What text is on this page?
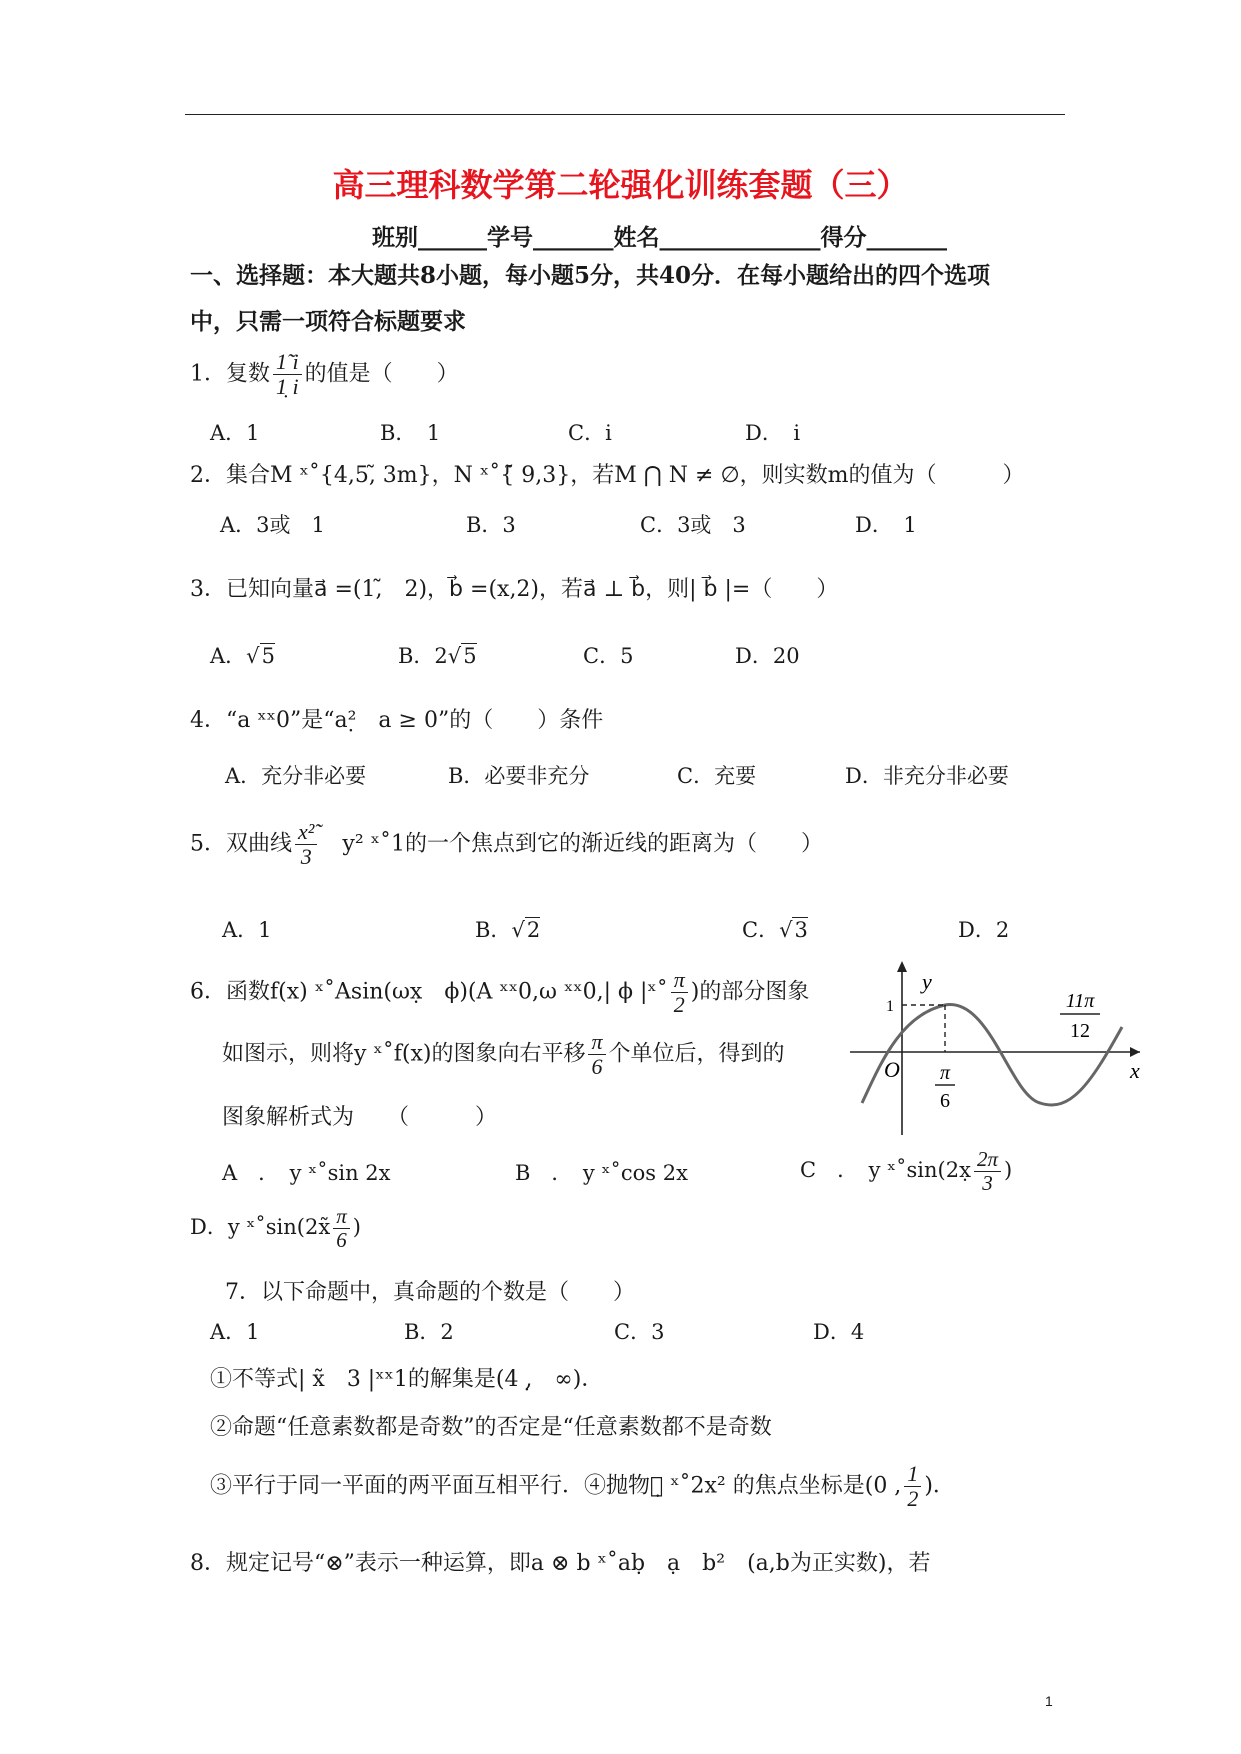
高三理科数学第二轮强化训练套题（三）
班别______学号_______姓名______________得分_______
一、选择题：本大题共8小题，每小题5分，共40分．在每小题给出的四个选项
中，只需一项符合标题要求
1．复数 $\frac{1̃ i}{1̣ i}$ 的值是（　　）
A．1	B．　1	C．i	D．　i
2．集合M ˣ˚{4,5,̃ 3m}，N ˣ˚{̃ 9,3}，若M ⋂ N ≠ ∅，则实数m的值为（　　　）
A．3或　1	B．3	C．3或　3	D．　1
3．已知向量a⃗ =(1,̃　2)，b⃗ =(x,2)，若a⃗ ⊥ b⃗，则| b⃗ |=（　　）
A．√5	B．2√5	C．5	D．20
4．“a ˣˣ0”是“a²̣　a ≥ 0”的（　　）条件
A．充分非必要	B．必要非充分	C．充要	D．非充分非必要
5．双曲线 $\frac{\text{x²̃}}{3}$ 　y² ˣ˚1的一个焦点到它的渐近线的距离为（　　）
A．1	B．√2	C．√3	D．2
6．函数f(x) ˣ˚Asin(ωx̣　ϕ)(A ˣˣ0,ω ˣˣ0,| ϕ |ˣ˚ $\frac{\pi}{2}$ )的部分图象
如图示，则将y ˣ˚f(x)的图象向右平移 $\frac{\pi}{6}$ 个单位后，得到的
图象解析式为　　（　　　）
A　．　y ˣ˚sin 2x	B　．　y ˣ˚cos 2x	C　．　y ˣ˚sin(2x̣ $\frac{2\pi}{3}$ )
D．y ˣ˚sin(2x̃ $\frac{\pi}{6}$ )
y
x
O
1
π
6
11π
12
7．以下命题中，真命题的个数是（　　）
A．1	B．2	C．3	D．4
①不等式| x̃　3 |ˣˣ1的解集是(4 ,̣　∞)．
②命题“任意素数都是奇数”的否定是“任意素数都不是奇数
③平行于同一平面的两平面互相平行．④抛物线̣ ˣ˚2x² 的焦点坐标是(0 , $\frac{1}{2}$ )．
8．规定记号“⊗”表示一种运算，即a ⊗ b ˣ˚aḅ　ạ　b²　(a,b为正实数)，若
1
